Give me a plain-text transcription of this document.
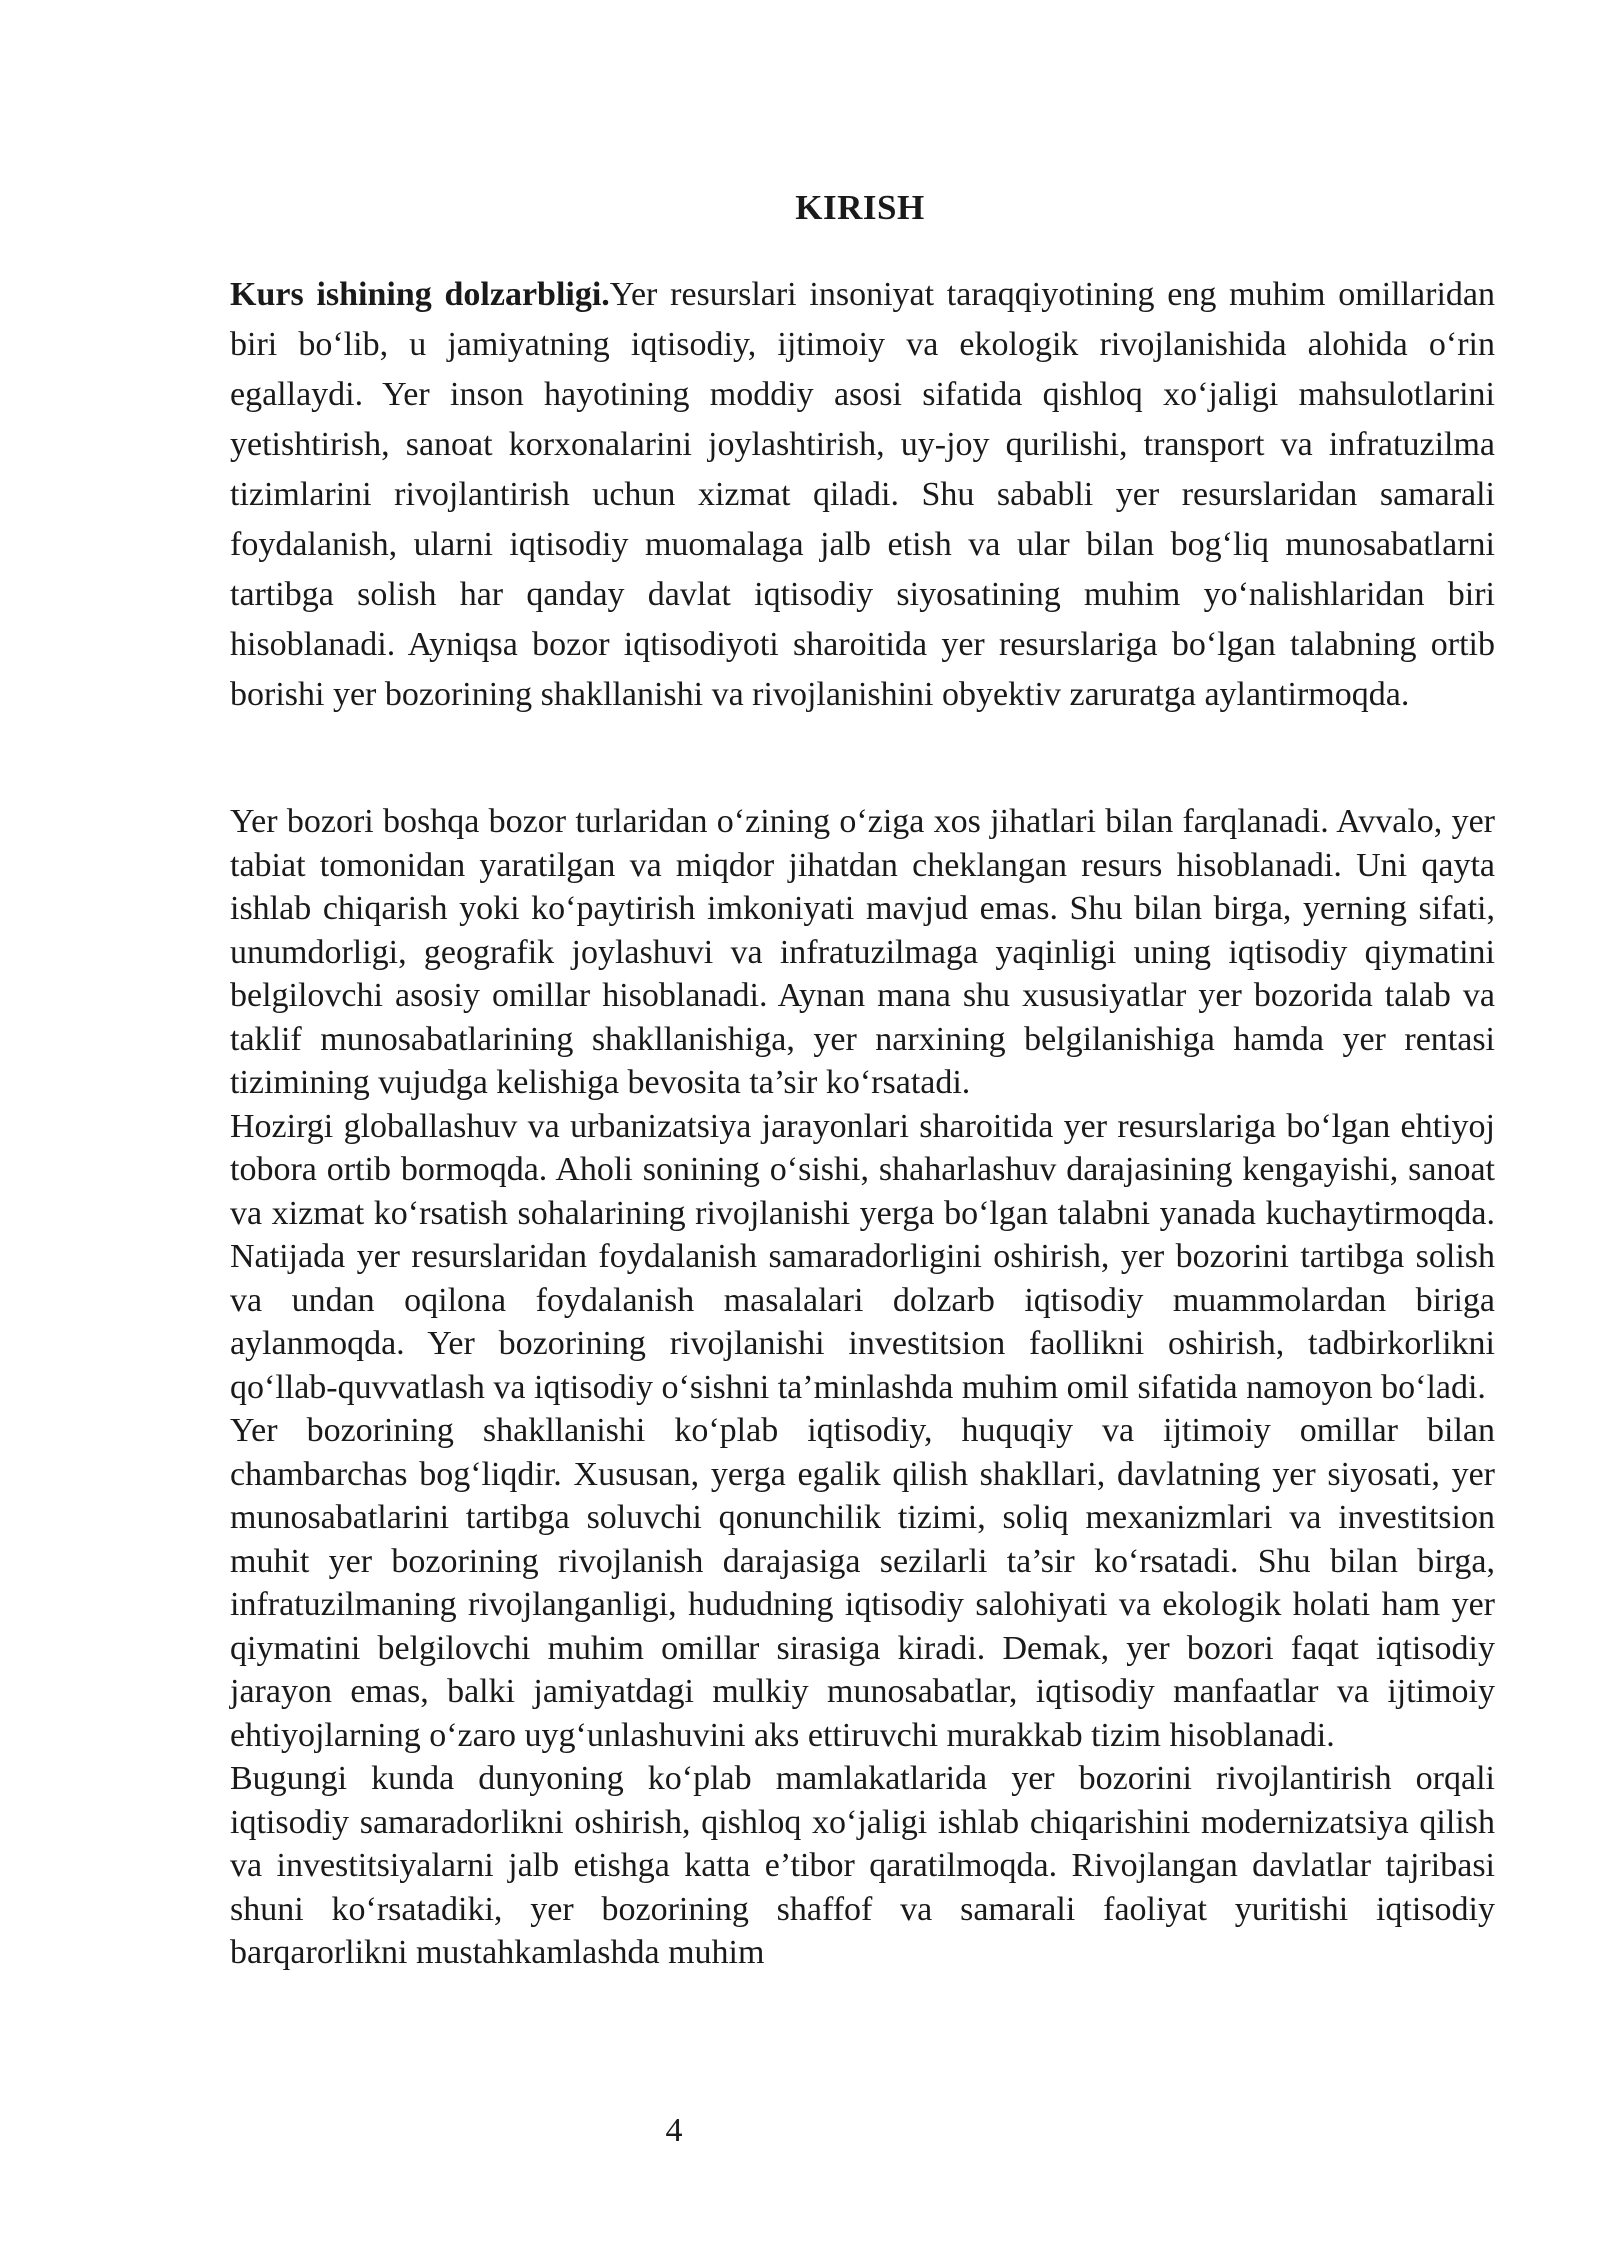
KIRISH

Kurs ishining dolzarbligi.Yer resurslari insoniyat taraqqiyotining eng muhim omillaridan biri bo‘lib, u jamiyatning iqtisodiy, ijtimoiy va ekologik rivojlanishida alohida o‘rin egallaydi. Yer inson hayotining moddiy asosi sifatida qishloq xo‘jaligi mahsulotlarini yetishtirish, sanoat korxonalarini joylashtirish, uy-joy qurilishi, transport va infratuzilma tizimlarini rivojlantirish uchun xizmat qiladi. Shu sababli yer resurslaridan samarali foydalanish, ularni iqtisodiy muomalaga jalb etish va ular bilan bog‘liq munosabatlarni tartibga solish har qanday davlat iqtisodiy siyosatining muhim yo‘nalishlaridan biri hisoblanadi. Ayniqsa bozor iqtisodiyoti sharoitida yer resurslariga bo‘lgan talabning ortib borishi yer bozorining shakllanishi va rivojlanishini obyektiv zaruratga aylantirmoqda.

Yer bozori boshqa bozor turlaridan o‘zining o‘ziga xos jihatlari bilan farqlanadi. Avvalo, yer tabiat tomonidan yaratilgan va miqdor jihatdan cheklangan resurs hisoblanadi. Uni qayta ishlab chiqarish yoki ko‘paytirish imkoniyati mavjud emas. Shu bilan birga, yerning sifati, unumdorligi, geografik joylashuvi va infratuzilmaga yaqinligi uning iqtisodiy qiymatini belgilovchi asosiy omillar hisoblanadi. Aynan mana shu xususiyatlar yer bozorida talab va taklif munosabatlarining shakllanishiga, yer narxining belgilanishiga hamda yer rentasi tizimining vujudga kelishiga bevosita ta’sir ko‘rsatadi.
Hozirgi globallashuv va urbanizatsiya jarayonlari sharoitida yer resurslariga bo‘lgan ehtiyoj tobora ortib bormoqda. Aholi sonining o‘sishi, shaharlashuv darajasining kengayishi, sanoat va xizmat ko‘rsatish sohalarining rivojlanishi yerga bo‘lgan talabni yanada kuchaytirmoqda. Natijada yer resurslaridan foydalanish samaradorligini oshirish, yer bozorini tartibga solish va undan oqilona foydalanish masalalari dolzarb iqtisodiy muammolardan biriga aylanmoqda. Yer bozorining rivojlanishi investitsion faollikni oshirish, tadbirkorlikni qo‘llab-quvvatlash va iqtisodiy o‘sishni ta’minlashda muhim omil sifatida namoyon bo‘ladi.
Yer bozorining shakllanishi ko‘plab iqtisodiy, huquqiy va ijtimoiy omillar bilan chambarchas bog‘liqdir. Xususan, yerga egalik qilish shakllari, davlatning yer siyosati, yer munosabatlarini tartibga soluvchi qonunchilik tizimi, soliq mexanizmlari va investitsion muhit yer bozorining rivojlanish darajasiga sezilarli ta’sir ko‘rsatadi. Shu bilan birga, infratuzilmaning rivojlanganligi, hududning iqtisodiy salohiyati va ekologik holati ham yer qiymatini belgilovchi muhim omillar sirasiga kiradi. Demak, yer bozori faqat iqtisodiy jarayon emas, balki jamiyatdagi mulkiy munosabatlar, iqtisodiy manfaatlar va ijtimoiy ehtiyojlarning o‘zaro uyg‘unlashuvini aks ettiruvchi murakkab tizim hisoblanadi.
Bugungi kunda dunyoning ko‘plab mamlakatlarida yer bozorini rivojlantirish orqali iqtisodiy samaradorlikni oshirish, qishloq xo‘jaligi ishlab chiqarishini modernizatsiya qilish va investitsiyalarni jalb etishga katta e’tibor qaratilmoqda. Rivojlangan davlatlar tajribasi shuni ko‘rsatadiki, yer bozorining shaffof va samarali faoliyat yuritishi iqtisodiy barqarorlikni mustahkamlashda muhim
4
